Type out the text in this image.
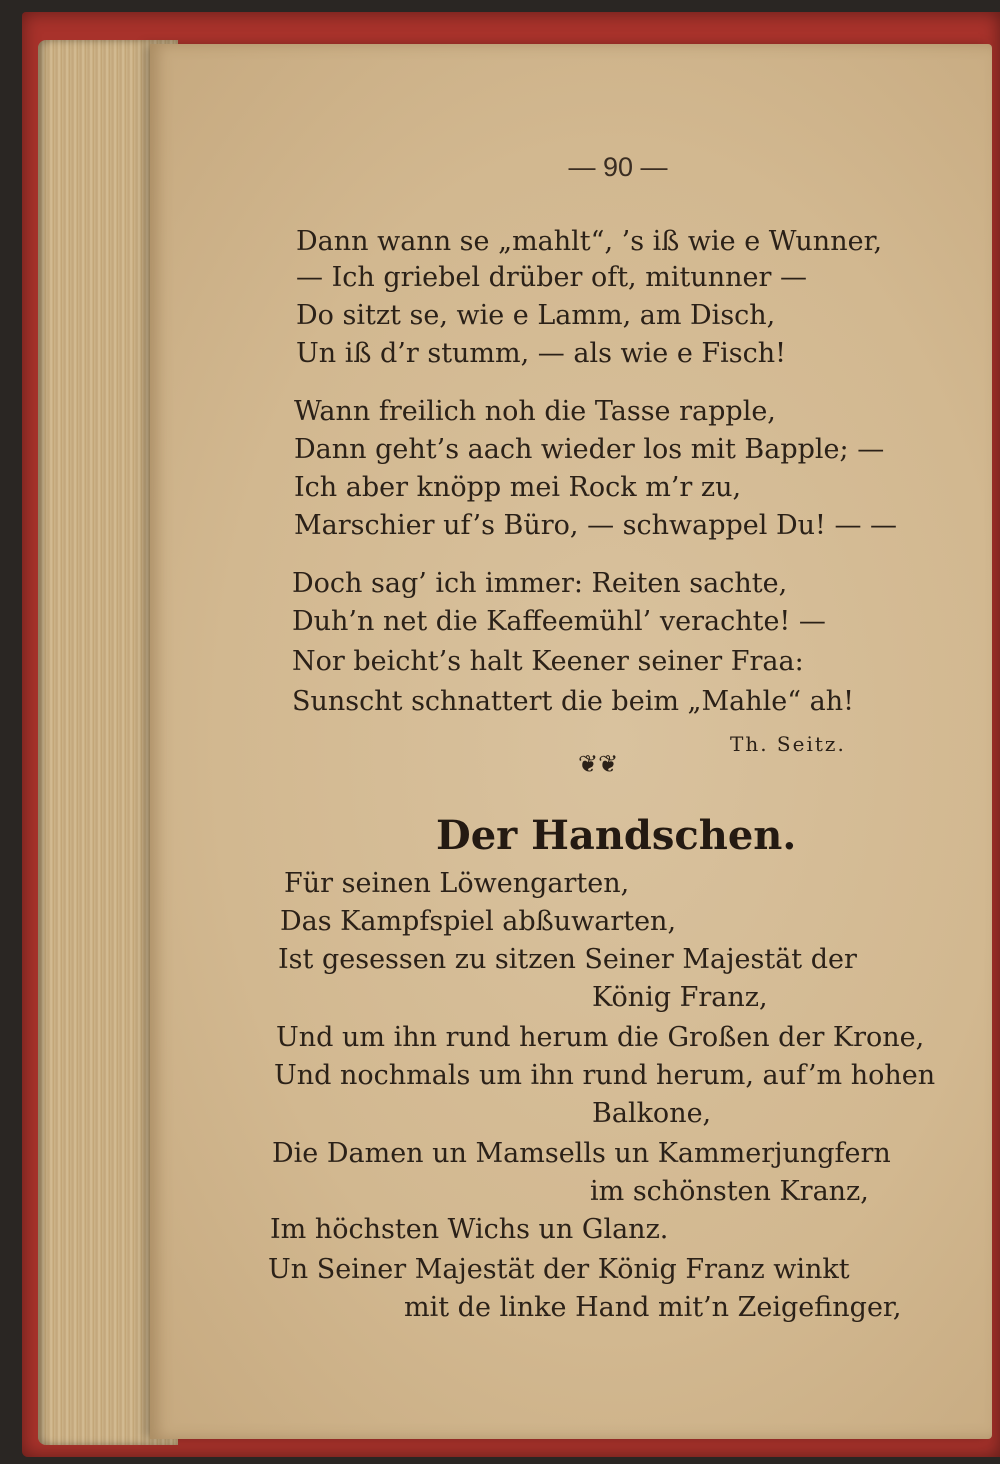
— 90 —
Dann wann se „mahlt“, ’s iß wie e Wunner,
— Ich griebel drüber oft, mitunner —
Do sitzt se, wie e Lamm, am Disch,
Un iß d’r stumm, — als wie e Fisch!
Wann freilich noh die Tasse rapple,
Dann geht’s aach wieder los mit Bapple; —
Ich aber knöpp mei Rock m’r zu,
Marschier uf’s Büro, — schwappel Du! — —
Doch sag’ ich immer: Reiten sachte,
Duh’n net die Kaffeemühl’ verachte! —
Nor beicht’s halt Keener seiner Fraa:
Sunscht schnattert die beim „Mahle“ ah!
Th. Seitz.
❦❦
Der Handschen.
Für seinen Löwengarten,
Das Kampfspiel abßuwarten,
Ist gesessen zu sitzen Seiner Majestät der
König Franz,
Und um ihn rund herum die Großen der Krone,
Und nochmals um ihn rund herum, auf’m hohen
Balkone,
Die Damen un Mamsells un Kammerjungfern
im schönsten Kranz,
Im höchsten Wichs un Glanz.
Un Seiner Majestät der König Franz winkt
mit de linke Hand mit’n Zeigefinger,
